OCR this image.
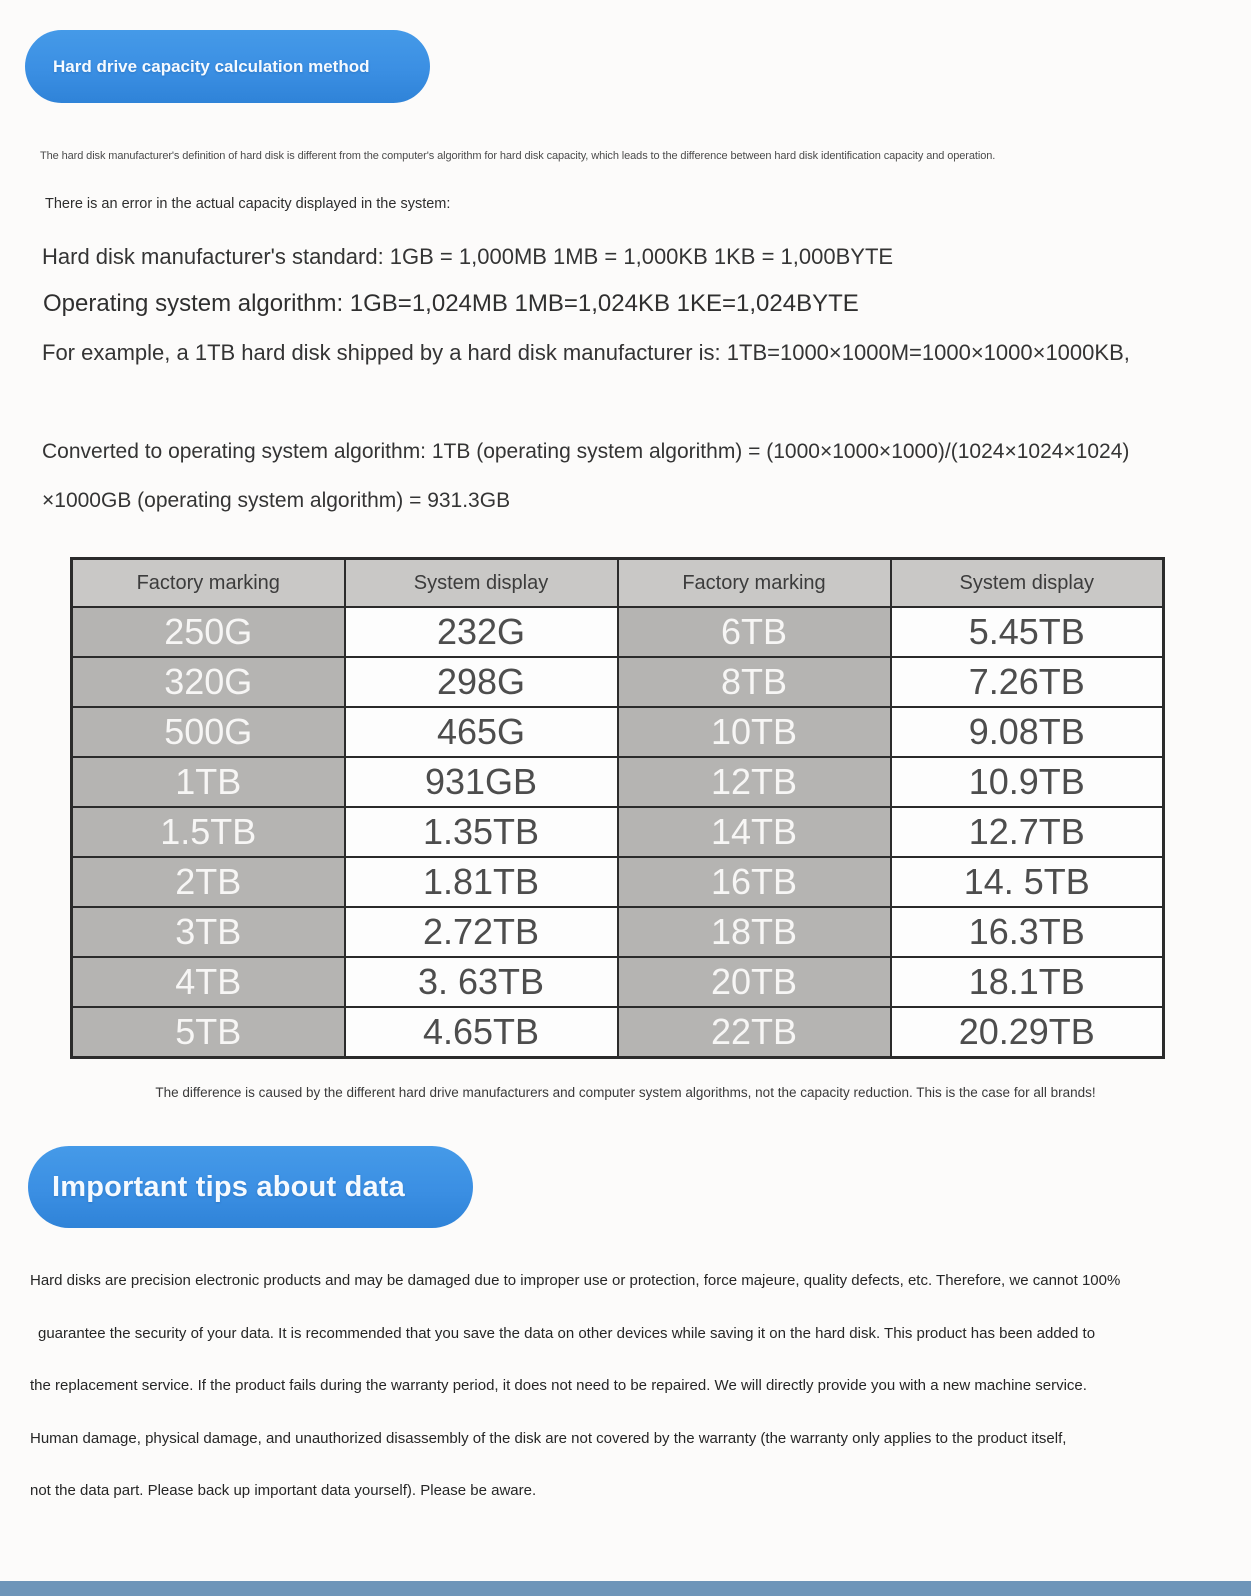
Hard drive capacity calculation method
The hard disk manufacturer's definition of hard disk is different from the computer's algorithm for hard disk capacity, which leads to the difference between hard disk identification capacity and operation.
There is an error in the actual capacity displayed in the system:
Hard disk manufacturer's standard: 1GB = 1,000MB 1MB = 1,000KB 1KB = 1,000BYTE
Operating system algorithm: 1GB=1,024MB 1MB=1,024KB 1KE=1,024BYTE
For example, a 1TB hard disk shipped by a hard disk manufacturer is: 1TB=1000×1000M=1000×1000×1000KB,
Converted to operating system algorithm: 1TB (operating system algorithm) = (1000×1000×1000)/(1024×1024×1024)
×1000GB (operating system algorithm) = 931.3GB
Factory marking	System display	Factory marking	System display
250G	232G	6TB	5.45TB
320G	298G	8TB	7.26TB
500G	465G	10TB	9.08TB
1TB	931GB	12TB	10.9TB
1.5TB	1.35TB	14TB	12.7TB
2TB	1.81TB	16TB	14. 5TB
3TB	2.72TB	18TB	16.3TB
4TB	3. 63TB	20TB	18.1TB
5TB	4.65TB	22TB	20.29TB
The difference is caused by the different hard drive manufacturers and computer system algorithms, not the capacity reduction. This is the case for all brands!
Important tips about data
Hard disks are precision electronic products and may be damaged due to improper use or protection, force majeure, quality defects, etc. Therefore, we cannot 100%
guarantee the security of your data. It is recommended that you save the data on other devices while saving it on the hard disk. This product has been added to
the replacement service. If the product fails during the warranty period, it does not need to be repaired. We will directly provide you with a new machine service.
Human damage, physical damage, and unauthorized disassembly of the disk are not covered by the warranty (the warranty only applies to the product itself,
not the data part. Please back up important data yourself). Please be aware.
